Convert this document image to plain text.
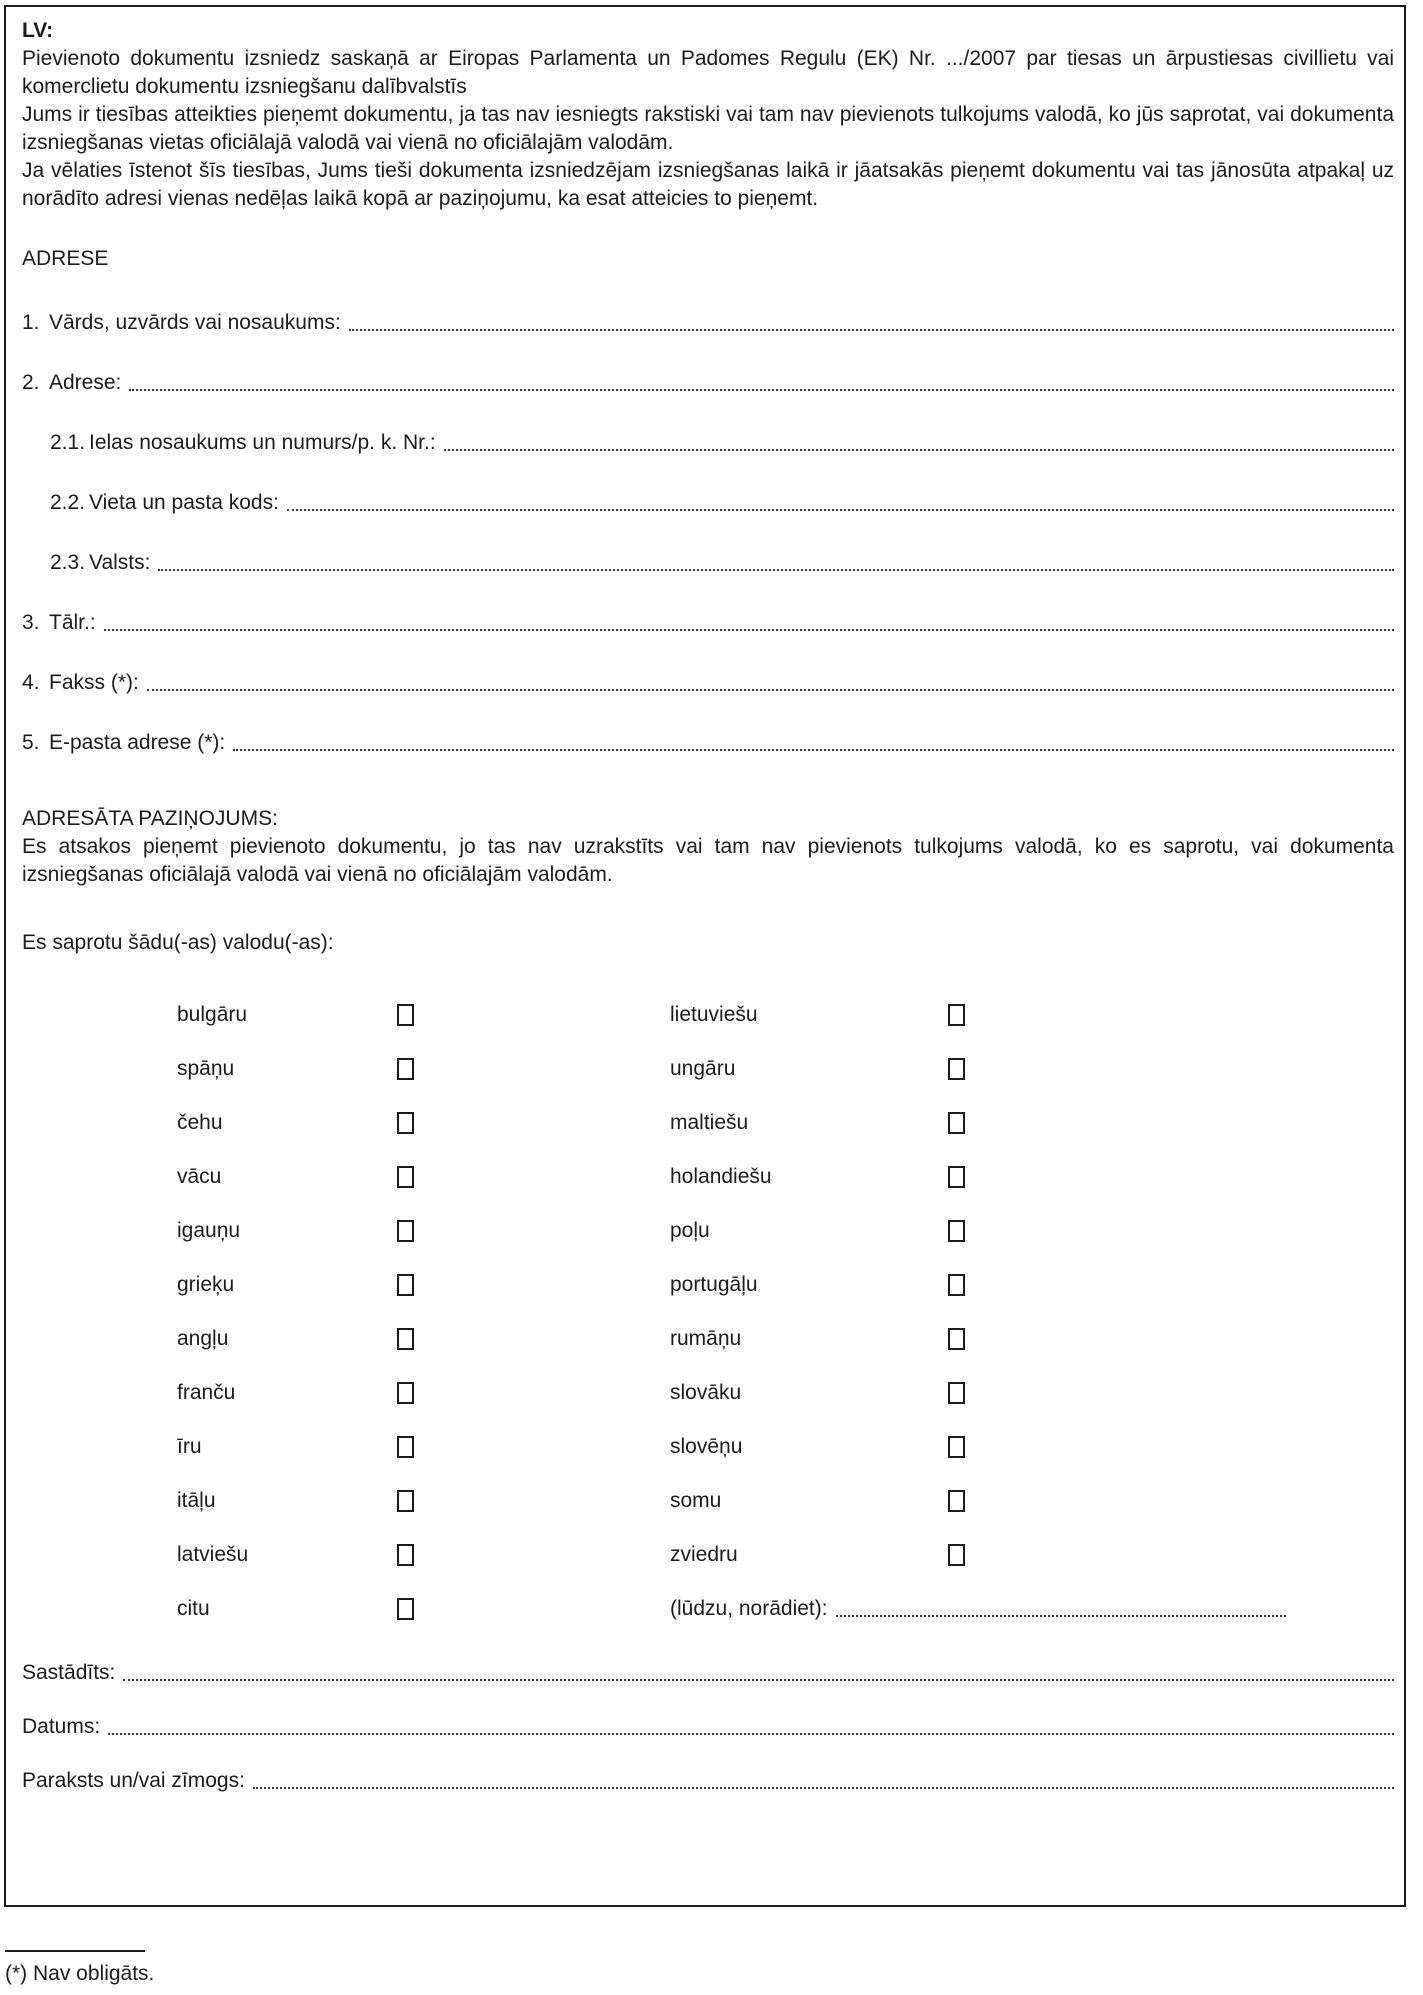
LV:

Pievienoto dokumentu izsniedz saskaņā ar Eiropas Parlamenta un Padomes Regulu (EK) Nr. .../2007 par tiesas un ārpustiesas civillietu vai komerclietu dokumentu izsniegšanu dalībvalstīs

Jums ir tiesības atteikties pieņemt dokumentu, ja tas nav iesniegts rakstiski vai tam nav pievienots tulkojums valodā, ko jūs saprotat, vai dokumenta izsniegšanas vietas oficiālajā valodā vai vienā no oficiālajām valodām.

Ja vēlaties īstenot šīs tiesības, Jums tieši dokumenta izsniedzējam izsniegšanas laikā ir jāatsakās pieņemt dokumentu vai tas jānosūta atpakaļ uz norādīto adresi vienas nedēļas laikā kopā ar paziņojumu, ka esat atteicies to pieņemt.

ADRESE
1. Vārds, uzvārds vai nosaukums:
2. Adrese:
2.1. Ielas nosaukums un numurs/p. k. Nr.:
2.2. Vieta un pasta kods:
2.3. Valsts:
3. Tālr.:
4. Fakss (*):
5. E-pasta adrese (*):
ADRESĀTA PAZIŅOJUMS:

Es atsakos pieņemt pievienoto dokumentu, jo tas nav uzrakstīts vai tam nav pievienots tulkojums valodā, ko es saprotu, vai dokumenta izsniegšanas oficiālajā valodā vai vienā no oficiālajām valodām.

Es saprotu šādu(-as) valodu(-as):
bulgāru	lietuviešu
spāņu	ungāru
čehu	maltiešu
vācu	holandiešu
igauņu	poļu
grieķu	portugāļu
angļu	rumāņu
franču	slovāku
īru	slovēņu
itāļu	somu
latviešu	zviedru
citu	(lūdzu, norādiet):
Sastādīts:
Datums:
Paraksts un/vai zīmogs:
(*) Nav obligāts.
